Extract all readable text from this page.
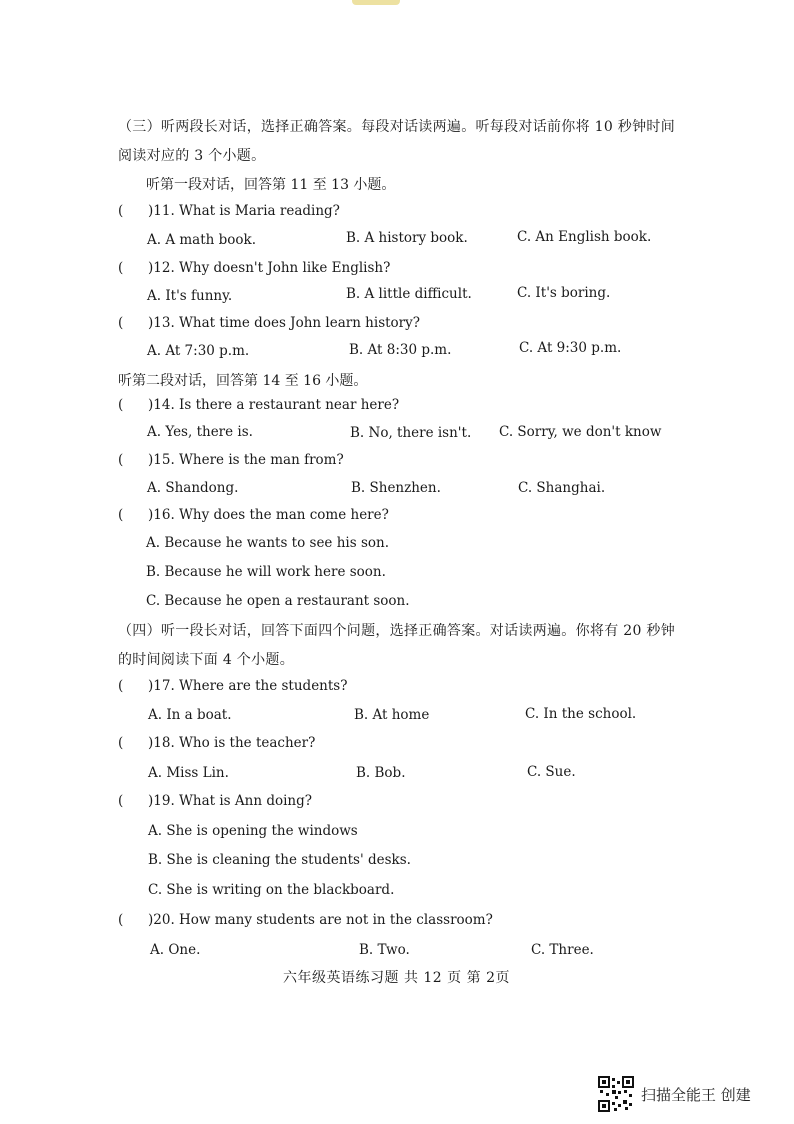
（三）听两段长对话，选择正确答案。每段对话读两遍。听每段对话前你将 10 秒钟时间
阅读对应的 3 个小题。
听第一段对话，回答第 11 至 13 小题。
( )11. What is Maria reading?
A. A math book.	B. A history book.	C. An English book.
( )12. Why doesn't John like English?
A. It's funny.	B. A little difficult.	C. It's boring.
( )13. What time does John learn history?
A. At 7:30 p.m.	B. At 8:30 p.m.	C. At 9:30 p.m.
听第二段对话，回答第 14 至 16 小题。
( )14. Is there a restaurant near here?
A. Yes, there is.	B. No, there isn't. C. Sorry, we don't know
( )15. Where is the man from?
A. Shandong.	B. Shenzhen.	C. Shanghai.
( )16. Why does the man come here?
A. Because he wants to see his son.
B. Because he will work here soon.
C. Because he open a restaurant soon.
（四）听一段长对话，回答下面四个问题，选择正确答案。对话读两遍。你将有 20 秒钟
的时间阅读下面 4 个小题。
( )17. Where are the students?
A. In a boat.	B. At home	C. In the school.
( )18. Who is the teacher?
A. Miss Lin.	B. Bob.	C. Sue.
( )19. What is Ann doing?
A. She is opening the windows
B. She is cleaning the students' desks.
C. She is writing on the blackboard.
( )20. How many students are not in the classroom?
A. One.	B. Two.	C. Three.
六年级英语练习题 共 12 页 第 2页
扫描全能王 创建
